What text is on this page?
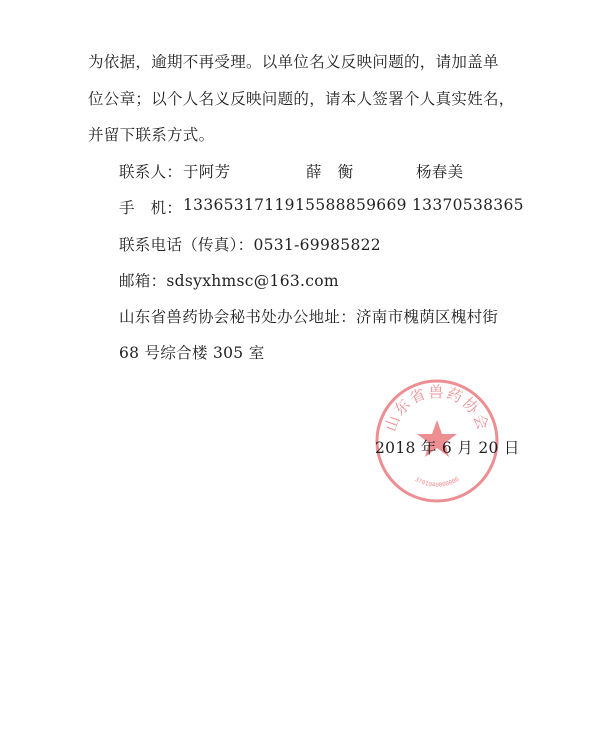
为依据，逾期不再受理。以单位名义反映问题的，请加盖单
位公章；以个人名义反映问题的，请本人签署个人真实姓名，
并留下联系方式。
联系人： 于阿芳	薛　衡	杨春美
手　机： 13365317119 15588859669 13370538365
联系电话（传真）：0531-69985822
邮箱：sdsyxhmsc@163.com
山东省兽药协会秘书处办公地址：济南市槐荫区槐村街
68 号综合楼 305 室
山东省兽药协会
3701040000000
2018 年 6 月 20 日
